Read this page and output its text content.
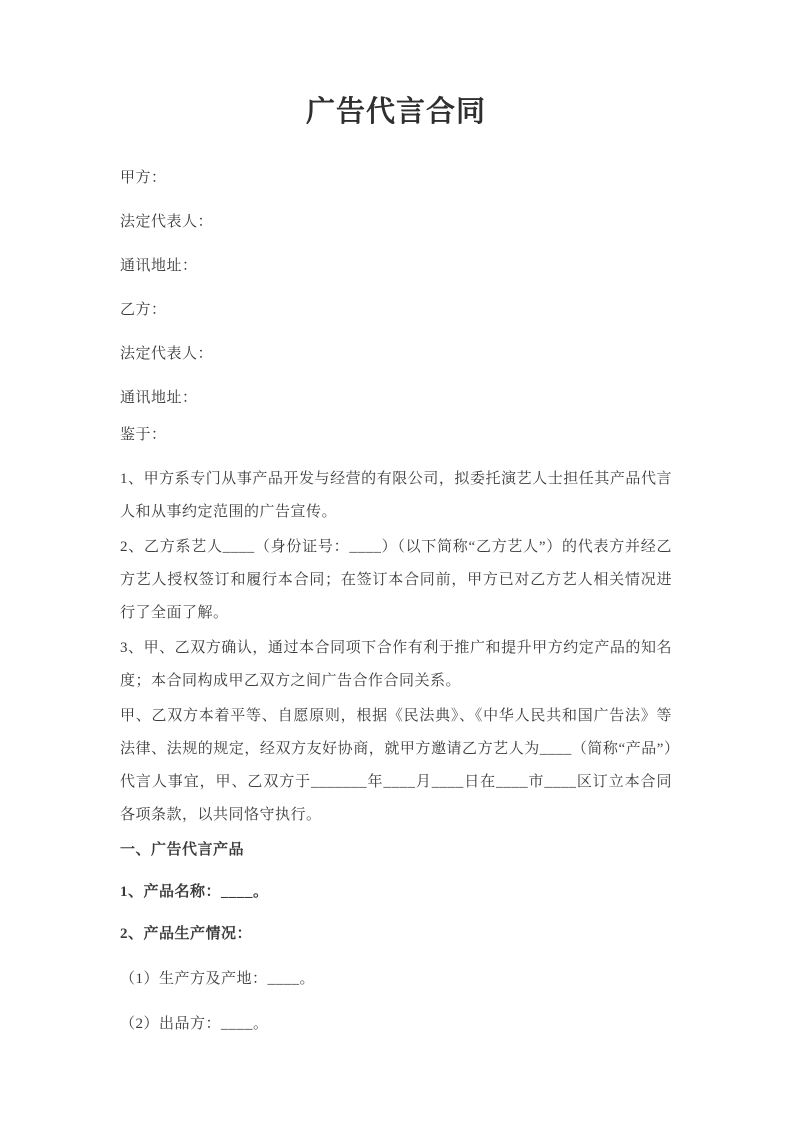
广告代言合同

甲方：

法定代表人：

通讯地址：

乙方：

法定代表人：

通讯地址：

鉴于：

1、甲方系专门从事产品开发与经营的有限公司，拟委托演艺人士担任其产品代言人和从事约定范围的广告宣传。

2、乙方系艺人____（身份证号：____）（以下简称“乙方艺人”）的代表方并经乙方艺人授权签订和履行本合同；在签订本合同前，甲方已对乙方艺人相关情况进行了全面了解。

3、甲、乙双方确认，通过本合同项下合作有利于推广和提升甲方约定产品的知名度；本合同构成甲乙双方之间广告合作合同关系。

甲、乙双方本着平等、自愿原则，根据《民法典》、《中华人民共和国广告法》等法律、法规的规定，经双方友好协商，就甲方邀请乙方艺人为____（简称“产品”）代言人事宜，甲、乙双方于_______年____月____日在____市____区订立本合同各项条款，以共同恪守执行。

一、广告代言产品

1、产品名称：____。

2、产品生产情况：

（1）生产方及产地：____。

（2）出品方：____。
